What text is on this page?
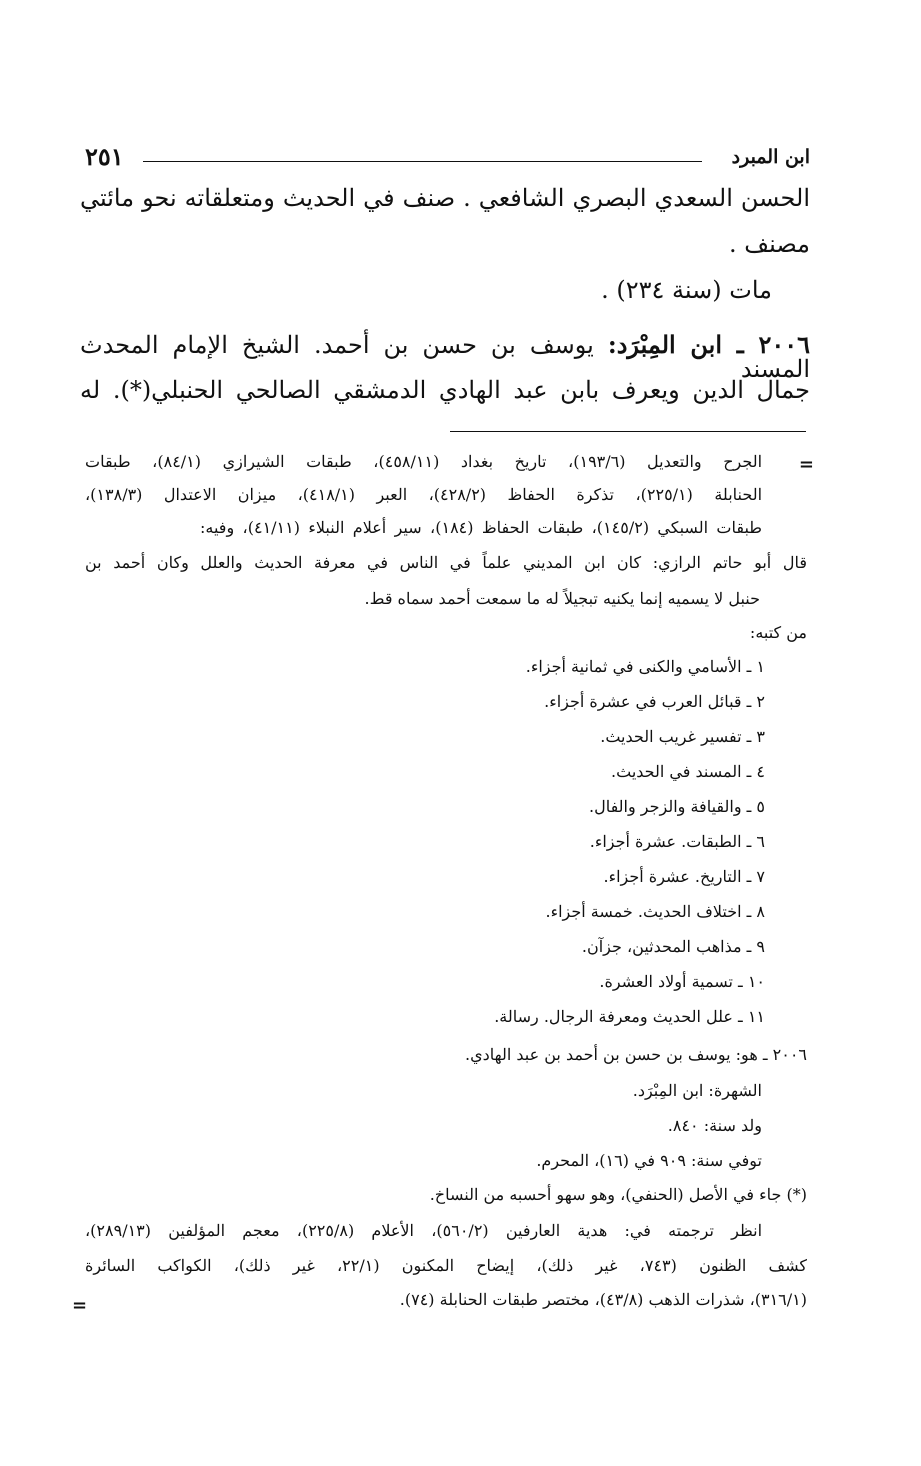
ابن المبرد
٢٥١
الحسن السعدي البصري الشافعي . صنف في الحديث ومتعلقاته نحو مائتي
مصنف .
مات (سنة ٢٣٤) .
٢٠٠٦ ـ ابن المِبْرَد: يوسف بن حسن بن أحمد. الشيخ الإمام المحدث المسند
جمال الدين ويعرف بابن عبد الهادي الدمشقي الصالحي الحنبلي(*). له
=
الجرح والتعديل (١٩٣/٦)، تاريخ بغداد (٤٥٨/١١)، طبقات الشيرازي (٨٤/١)، طبقات
الحنابلة (٢٢٥/١)، تذكرة الحفاظ (٤٢٨/٢)، العبر (٤١٨/١)، ميزان الاعتدال (١٣٨/٣)،
طبقات السبكي (١٤٥/٢)، طبقات الحفاظ (١٨٤)، سير أعلام النبلاء (٤١/١١)، وفيه:
قال أبو حاتم الرازي: كان ابن المديني علماً في الناس في معرفة الحديث والعلل وكان أحمد بن
حنبل لا يسميه إنما يكنيه تبجيلاً له ما سمعت أحمد سماه قط.
من كتبه:
١ ـ الأسامي والكنى في ثمانية أجزاء.
٢ ـ قبائل العرب في عشرة أجزاء.
٣ ـ تفسير غريب الحديث.
٤ ـ المسند في الحديث.
٥ ـ والقيافة والزجر والفال.
٦ ـ الطبقات. عشرة أجزاء.
٧ ـ التاريخ. عشرة أجزاء.
٨ ـ اختلاف الحديث. خمسة أجزاء.
٩ ـ مذاهب المحدثين، جزآن.
١٠ ـ تسمية أولاد العشرة.
١١ ـ علل الحديث ومعرفة الرجال. رسالة.
٢٠٠٦ ـ هو: يوسف بن حسن بن أحمد بن عبد الهادي.
الشهرة: ابن المِبْرَد.
ولد سنة: ٨٤٠.
توفي سنة: ٩٠٩ في (١٦)، المحرم.
(*) جاء في الأصل (الحنفي)، وهو سهو أحسبه من النساخ.
انظر ترجمته في: هدية العارفين (٥٦٠/٢)، الأعلام (٢٢٥/٨)، معجم المؤلفين (٢٨٩/١٣)،
كشف الظنون (٧٤٣، غير ذلك)، إيضاح المكنون (٢٢/١، غير ذلك)، الكواكب السائرة
(٣١٦/١)، شذرات الذهب (٤٣/٨)، مختصر طبقات الحنابلة (٧٤).
=
